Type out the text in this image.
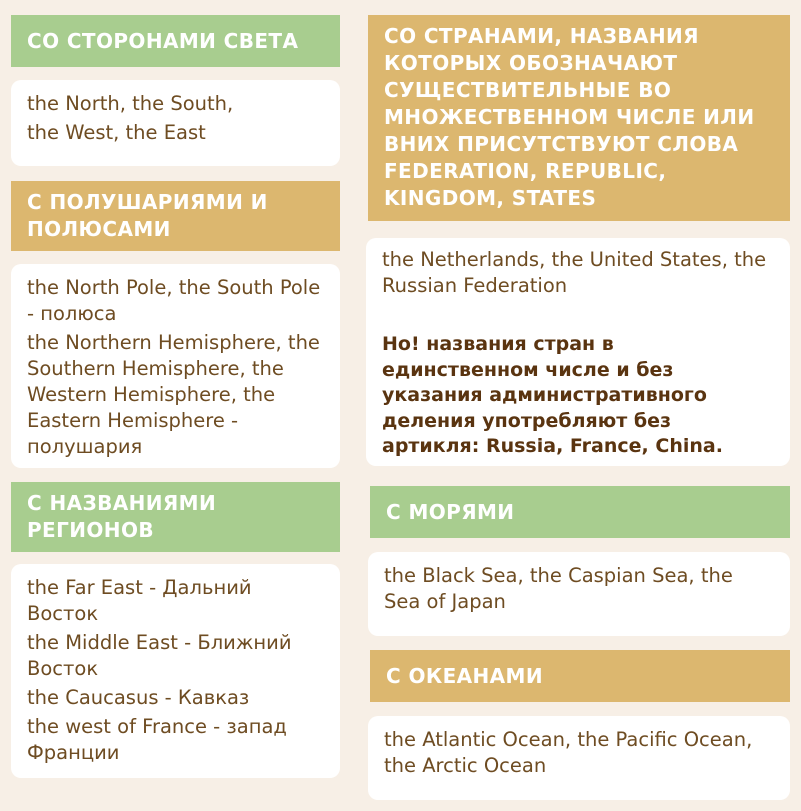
СО СТОРОНАМИ СВЕТА

the North, the South,

the West, the East

С ПОЛУШАРИЯМИ И ПОЛЮСАМИ

the North Pole, the South Pole - полюса

the Northern Hemisphere, the Southern Hemisphere, the Western Hemisphere, the Eastern Hemisphere - полушария

С НАЗВАНИЯМИ РЕГИОНОВ

the Far East - Дальний Восток

the Middle East - Ближний Восток

the Caucasus - Кавказ

the west of France - запад Франции

СО СТРАНАМИ, НАЗВАНИЯ КОТОРЫХ ОБОЗНАЧАЮТ СУЩЕСТВИТЕЛЬНЫЕ ВО МНОЖЕСТВЕННОМ ЧИСЛЕ ИЛИ ВНИХ ПРИСУТСТВУЮТ СЛОВА FEDERATION, REPUBLIC, KINGDOM, STATES

the Netherlands, the United States, the Russian Federation

Но! названия стран в единственном числе и без указания административного деления употребляют без артикля: Russia, France, China.

С МОРЯМИ

the Black Sea, the Caspian Sea, the Sea of Japan

С ОКЕАНАМИ

the Atlantic Ocean, the Pacific Ocean, the Arctic Ocean
